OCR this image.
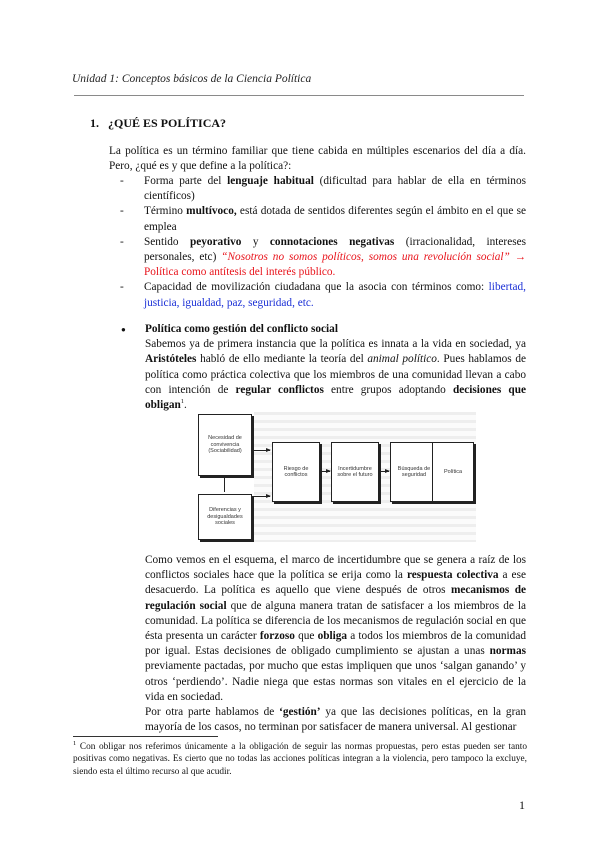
Unidad 1: Conceptos básicos de la Ciencia Política
1. ¿QUÉ ES POLÍTICA?
La política es un término familiar que tiene cabida en múltiples escenarios del día a día. Pero, ¿qué es y que define a la política?:
- Forma parte del lenguaje habitual (dificultad para hablar de ella en términos científicos)
- Término multívoco, está dotada de sentidos diferentes según el ámbito en el que se emplea
- Sentido peyorativo y connotaciones negativas (irracionalidad, intereses personales, etc) “Nosotros no somos políticos, somos una revolución social” → Política como antítesis del interés público.
- Capacidad de movilización ciudadana que la asocia con términos como: libertad, justicia, igualdad, paz, seguridad, etc.
● Política como gestión del conflicto social
Sabemos ya de primera instancia que la política es innata a la vida en sociedad, ya Aristóteles habló de ello mediante la teoría del animal político. Pues hablamos de política como práctica colectiva que los miembros de una comunidad llevan a cabo con intención de regular conflictos entre grupos adoptando decisiones que obligan$^1$.
Necesidad de convivencia (Sociabilidad)
Diferencias y desigualdades sociales
Riesgo de conflictos
Incertidumbre sobre el futuro
Búsqueda de seguridad
Política

Como vemos en el esquema, el marco de incertidumbre que se genera a raíz de los conflictos sociales hace que la política se erija como la respuesta colectiva a ese desacuerdo. La política es aquello que viene después de otros mecanismos de regulación social que de alguna manera tratan de satisfacer a los miembros de la comunidad. La política se diferencia de los mecanismos de regulación social en que ésta presenta un carácter forzoso que obliga a todos los miembros de la comunidad por igual. Estas decisiones de obligado cumplimiento se ajustan a unas normas previamente pactadas, por mucho que estas impliquen que unos ‘salgan ganando’ y otros ‘perdiendo’. Nadie niega que estas normas son vitales en el ejercicio de la vida en sociedad.

Por otra parte hablamos de ‘gestión’ ya que las decisiones políticas, en la gran mayoría de los casos, no terminan por satisfacer de manera universal. Al gestionar

$^1$ Con obligar nos referimos únicamente a la obligación de seguir las normas propuestas, pero estas pueden ser tanto positivas como negativas. Es cierto que no todas las acciones políticas integran a la violencia, pero tampoco la excluye, siendo esta el último recurso al que acudir.
1
